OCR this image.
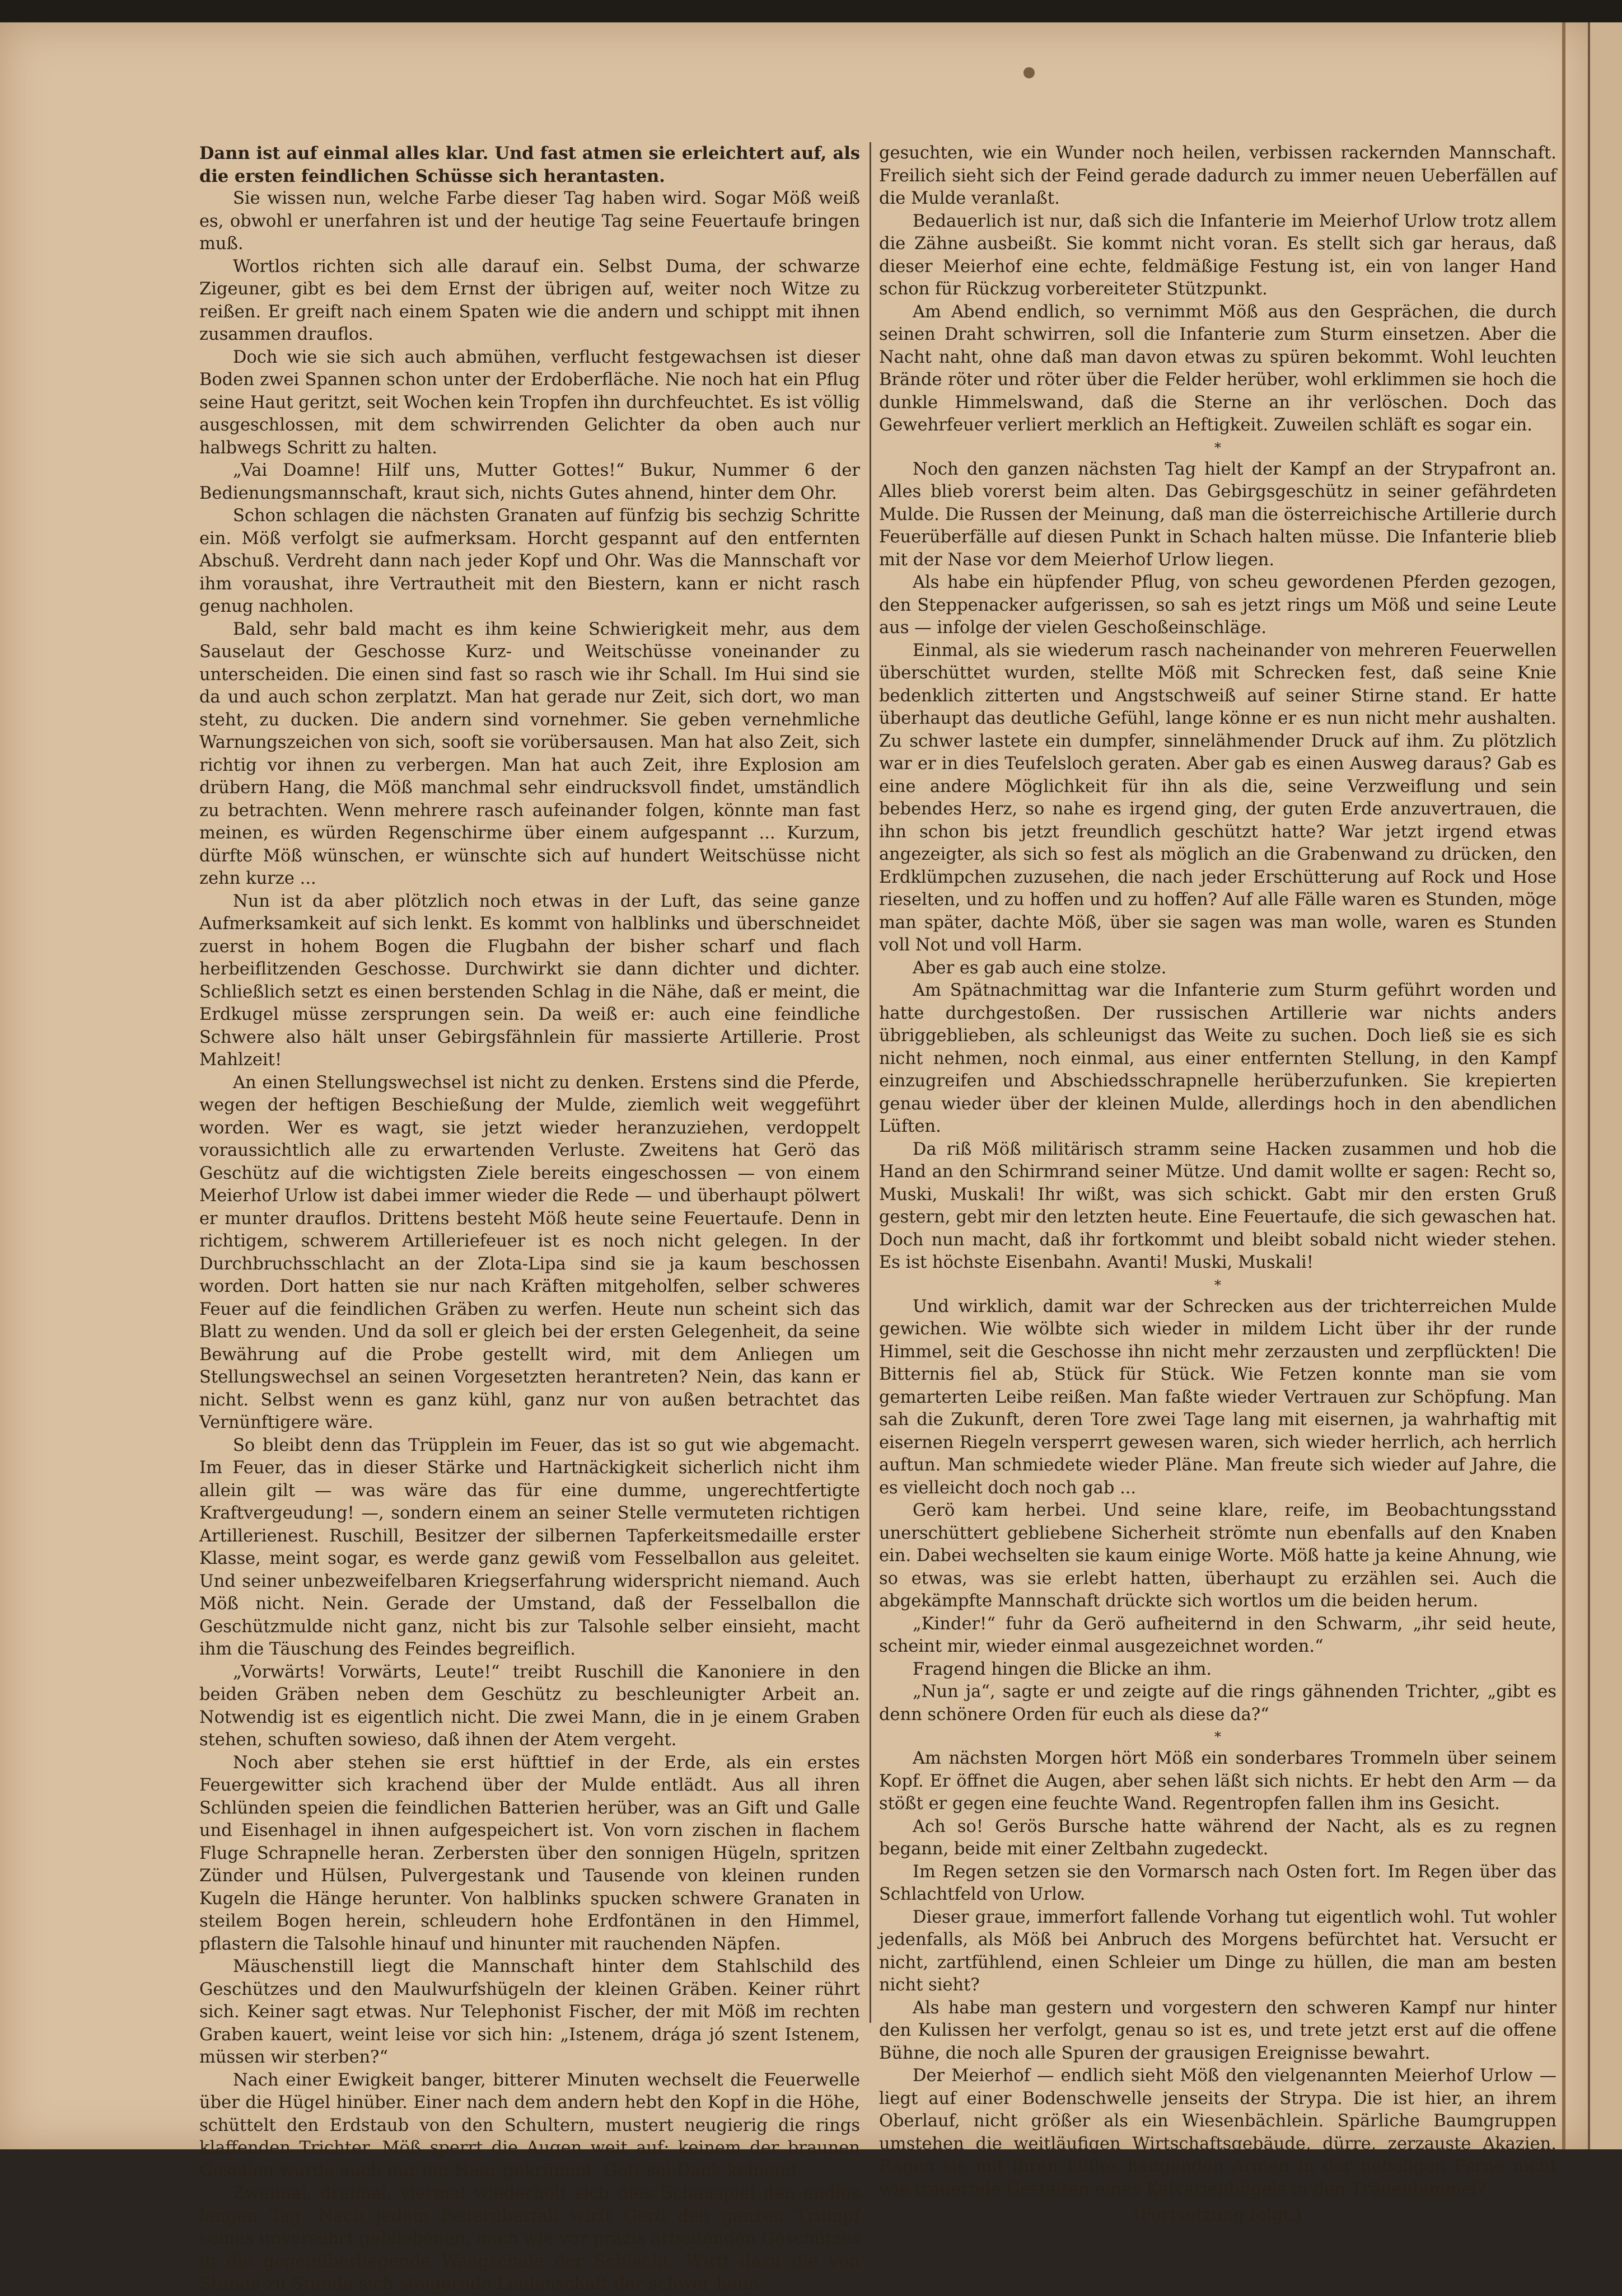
Dann ist auf einmal alles klar. Und fast atmen sie erleichtert auf, als die ersten feindlichen Schüsse sich herantasten.

Sie wissen nun, welche Farbe dieser Tag haben wird. Sogar Möß weiß es, obwohl er unerfahren ist und der heutige Tag seine Feuertaufe bringen muß.

Wortlos richten sich alle darauf ein. Selbst Duma, der schwarze Zigeuner, gibt es bei dem Ernst der übrigen auf, weiter noch Witze zu reißen. Er greift nach einem Spaten wie die andern und schippt mit ihnen zusammen drauflos.

Doch wie sie sich auch abmühen, verflucht festgewachsen ist dieser Boden zwei Spannen schon unter der Erdoberfläche. Nie noch hat ein Pflug seine Haut geritzt, seit Wochen kein Tropfen ihn durchfeuchtet. Es ist völlig ausgeschlossen, mit dem schwirrenden Gelichter da oben auch nur halbwegs Schritt zu halten.

„Vai Doamne! Hilf uns, Mutter Gottes!“ Bukur, Nummer 6 der Bedienungsmannschaft, kraut sich, nichts Gutes ahnend, hinter dem Ohr.

Schon schlagen die nächsten Granaten auf fünfzig bis sechzig Schritte ein. Möß verfolgt sie aufmerksam. Horcht gespannt auf den entfernten Abschuß. Verdreht dann nach jeder Kopf und Ohr. Was die Mannschaft vor ihm voraushat, ihre Vertrautheit mit den Biestern, kann er nicht rasch genug nachholen.

Bald, sehr bald macht es ihm keine Schwierigkeit mehr, aus dem Sauselaut der Geschosse Kurz- und Weitschüsse voneinander zu unterscheiden. Die einen sind fast so rasch wie ihr Schall. Im Hui sind sie da und auch schon zerplatzt. Man hat gerade nur Zeit, sich dort, wo man steht, zu ducken. Die andern sind vornehmer. Sie geben vernehmliche Warnungszeichen von sich, sooft sie vorübersausen. Man hat also Zeit, sich richtig vor ihnen zu verbergen. Man hat auch Zeit, ihre Explosion am drübern Hang, die Möß manchmal sehr eindrucksvoll findet, umständlich zu betrachten. Wenn mehrere rasch aufeinander folgen, könnte man fast meinen, es würden Regenschirme über einem aufgespannt ... Kurzum, dürfte Möß wünschen, er wünschte sich auf hundert Weitschüsse nicht zehn kurze ...

Nun ist da aber plötzlich noch etwas in der Luft, das seine ganze Aufmerksamkeit auf sich lenkt. Es kommt von halblinks und überschneidet zuerst in hohem Bogen die Flugbahn der bisher scharf und flach herbeiflitzenden Geschosse. Durchwirkt sie dann dichter und dichter. Schließlich setzt es einen berstenden Schlag in die Nähe, daß er meint, die Erdkugel müsse zersprungen sein. Da weiß er: auch eine feindliche Schwere also hält unser Gebirgsfähnlein für massierte Artillerie. Prost Mahlzeit!

An einen Stellungswechsel ist nicht zu denken. Erstens sind die Pferde, wegen der heftigen Beschießung der Mulde, ziemlich weit weggeführt worden. Wer es wagt, sie jetzt wieder heranzuziehen, verdoppelt voraussichtlich alle zu erwartenden Verluste. Zweitens hat Gerö das Geschütz auf die wichtigsten Ziele bereits eingeschossen — von einem Meierhof Urlow ist dabei immer wieder die Rede — und überhaupt pölwert er munter drauflos. Drittens besteht Möß heute seine Feuertaufe. Denn in richtigem, schwerem Artilleriefeuer ist es noch nicht gelegen. In der Durchbruchsschlacht an der Zlota-Lipa sind sie ja kaum beschossen worden. Dort hatten sie nur nach Kräften mitgeholfen, selber schweres Feuer auf die feindlichen Gräben zu werfen. Heute nun scheint sich das Blatt zu wenden. Und da soll er gleich bei der ersten Gelegenheit, da seine Bewährung auf die Probe gestellt wird, mit dem Anliegen um Stellungswechsel an seinen Vorgesetzten herantreten? Nein, das kann er nicht. Selbst wenn es ganz kühl, ganz nur von außen betrachtet das Vernünftigere wäre.

So bleibt denn das Trüpplein im Feuer, das ist so gut wie abgemacht. Im Feuer, das in dieser Stärke und Hartnäckigkeit sicherlich nicht ihm allein gilt — was wäre das für eine dumme, ungerechtfertigte Kraftvergeudung! —, sondern einem an seiner Stelle vermuteten richtigen Artillerienest. Ruschill, Besitzer der silbernen Tapferkeitsmedaille erster Klasse, meint sogar, es werde ganz gewiß vom Fesselballon aus geleitet. Und seiner unbezweifelbaren Kriegserfahrung widerspricht niemand. Auch Möß nicht. Nein. Gerade der Umstand, daß der Fesselballon die Geschützmulde nicht ganz, nicht bis zur Talsohle selber einsieht, macht ihm die Täuschung des Feindes begreiflich.

„Vorwärts! Vorwärts, Leute!“ treibt Ruschill die Kanoniere in den beiden Gräben neben dem Geschütz zu beschleunigter Arbeit an. Notwendig ist es eigentlich nicht. Die zwei Mann, die in je einem Graben stehen, schuften sowieso, daß ihnen der Atem vergeht.

Noch aber stehen sie erst hüfttief in der Erde, als ein erstes Feuergewitter sich krachend über der Mulde entlädt. Aus all ihren Schlünden speien die feindlichen Batterien herüber, was an Gift und Galle und Eisenhagel in ihnen aufgespeichert ist. Von vorn zischen in flachem Fluge Schrapnelle heran. Zerbersten über den sonnigen Hügeln, spritzen Zünder und Hülsen, Pulvergestank und Tausende von kleinen runden Kugeln die Hänge herunter. Von halblinks spucken schwere Granaten in steilem Bogen herein, schleudern hohe Erdfontänen in den Himmel, pflastern die Talsohle hinauf und hinunter mit rauchenden Näpfen.

Mäuschenstill liegt die Mannschaft hinter dem Stahlschild des Geschützes und den Maulwurfshügeln der kleinen Gräben. Keiner rührt sich. Keiner sagt etwas. Nur Telephonist Fischer, der mit Möß im rechten Graben kauert, weint leise vor sich hin: „Istenem, drága jó szent Istenem, müssen wir sterben?“

Nach einer Ewigkeit banger, bitterer Minuten wechselt die Feuerwelle über die Hügel hinüber. Einer nach dem andern hebt den Kopf in die Höhe, schüttelt den Erdstaub von den Schultern, mustert neugierig die rings klaffenden Trichter. Möß sperrt die Augen weit auf: keinem der braunen Gesellen wurde auch nur ein Haar gekrümmt, Gott sei Dank keinem!

Zweimal, dreimal, viermal wiederholt sich dies Schauspiel den endlos langen Tag. Nach jedem Feuerüberfall wirft Gerö den ganzen Trumpf seines unversehrt gebliebenen, nach wie vor präzis arbeitenden Geschützes in die gegenüberliegende Waagschale der Schlacht. Wirft dazu die von Stunde zu Stunde sich steigernde Leidenschaft der schwer heim-

gesuchten, wie ein Wunder noch heilen, verbissen rackernden Mannschaft. Freilich sieht sich der Feind gerade dadurch zu immer neuen Ueberfällen auf die Mulde veranlaßt.

Bedauerlich ist nur, daß sich die Infanterie im Meierhof Urlow trotz allem die Zähne ausbeißt. Sie kommt nicht voran. Es stellt sich gar heraus, daß dieser Meierhof eine echte, feldmäßige Festung ist, ein von langer Hand schon für Rückzug vorbereiteter Stützpunkt.

Am Abend endlich, so vernimmt Möß aus den Gesprächen, die durch seinen Draht schwirren, soll die Infanterie zum Sturm einsetzen. Aber die Nacht naht, ohne daß man davon etwas zu spüren bekommt. Wohl leuchten Brände röter und röter über die Felder herüber, wohl erklimmen sie hoch die dunkle Himmelswand, daß die Sterne an ihr verlöschen. Doch das Gewehrfeuer verliert merklich an Heftigkeit. Zuweilen schläft es sogar ein.

*

Noch den ganzen nächsten Tag hielt der Kampf an der Strypafront an. Alles blieb vorerst beim alten. Das Gebirgsgeschütz in seiner gefährdeten Mulde. Die Russen der Meinung, daß man die österreichische Artillerie durch Feuerüberfälle auf diesen Punkt in Schach halten müsse. Die Infanterie blieb mit der Nase vor dem Meierhof Urlow liegen.

Als habe ein hüpfender Pflug, von scheu gewordenen Pferden gezogen, den Steppenacker aufgerissen, so sah es jetzt rings um Möß und seine Leute aus — infolge der vielen Geschoßeinschläge.

Einmal, als sie wiederum rasch nacheinander von mehreren Feuerwellen überschüttet wurden, stellte Möß mit Schrecken fest, daß seine Knie bedenklich zitterten und Angstschweiß auf seiner Stirne stand. Er hatte überhaupt das deutliche Gefühl, lange könne er es nun nicht mehr aushalten. Zu schwer lastete ein dumpfer, sinnelähmender Druck auf ihm. Zu plötzlich war er in dies Teufelsloch geraten. Aber gab es einen Ausweg daraus? Gab es eine andere Möglichkeit für ihn als die, seine Verzweiflung und sein bebendes Herz, so nahe es irgend ging, der guten Erde anzuvertrauen, die ihn schon bis jetzt freundlich geschützt hatte? War jetzt irgend etwas angezeigter, als sich so fest als möglich an die Grabenwand zu drücken, den Erdklümpchen zuzusehen, die nach jeder Erschütterung auf Rock und Hose rieselten, und zu hoffen und zu hoffen? Auf alle Fälle waren es Stunden, möge man später, dachte Möß, über sie sagen was man wolle, waren es Stunden voll Not und voll Harm.

Aber es gab auch eine stolze.

Am Spätnachmittag war die Infanterie zum Sturm geführt worden und hatte durchgestoßen. Der russischen Artillerie war nichts anders übriggeblieben, als schleunigst das Weite zu suchen. Doch ließ sie es sich nicht nehmen, noch einmal, aus einer entfernten Stellung, in den Kampf einzugreifen und Abschiedsschrapnelle herüberzufunken. Sie krepierten genau wieder über der kleinen Mulde, allerdings hoch in den abendlichen Lüften.

Da riß Möß militärisch stramm seine Hacken zusammen und hob die Hand an den Schirmrand seiner Mütze. Und damit wollte er sagen: Recht so, Muski, Muskali! Ihr wißt, was sich schickt. Gabt mir den ersten Gruß gestern, gebt mir den letzten heute. Eine Feuertaufe, die sich gewaschen hat. Doch nun macht, daß ihr fortkommt und bleibt sobald nicht wieder stehen. Es ist höchste Eisenbahn. Avanti! Muski, Muskali!

*

Und wirklich, damit war der Schrecken aus der trichterreichen Mulde gewichen. Wie wölbte sich wieder in mildem Licht über ihr der runde Himmel, seit die Geschosse ihn nicht mehr zerzausten und zerpflückten! Die Bitternis fiel ab, Stück für Stück. Wie Fetzen konnte man sie vom gemarterten Leibe reißen. Man faßte wieder Vertrauen zur Schöpfung. Man sah die Zukunft, deren Tore zwei Tage lang mit eisernen, ja wahrhaftig mit eisernen Riegeln versperrt gewesen waren, sich wieder herrlich, ach herrlich auftun. Man schmiedete wieder Pläne. Man freute sich wieder auf Jahre, die es vielleicht doch noch gab ...

Gerö kam herbei. Und seine klare, reife, im Beobachtungsstand unerschüttert gebliebene Sicherheit strömte nun ebenfalls auf den Knaben ein. Dabei wechselten sie kaum einige Worte. Möß hatte ja keine Ahnung, wie so etwas, was sie erlebt hatten, überhaupt zu erzählen sei. Auch die abgekämpfte Mannschaft drückte sich wortlos um die beiden herum.

„Kinder!“ fuhr da Gerö aufheiternd in den Schwarm, „ihr seid heute, scheint mir, wieder einmal ausgezeichnet worden.“

Fragend hingen die Blicke an ihm.

„Nun ja“, sagte er und zeigte auf die rings gähnenden Trichter, „gibt es denn schönere Orden für euch als diese da?“

*

Am nächsten Morgen hört Möß ein sonderbares Trommeln über seinem Kopf. Er öffnet die Augen, aber sehen läßt sich nichts. Er hebt den Arm — da stößt er gegen eine feuchte Wand. Regentropfen fallen ihm ins Gesicht.

Ach so! Gerös Bursche hatte während der Nacht, als es zu regnen begann, beide mit einer Zeltbahn zugedeckt.

Im Regen setzen sie den Vormarsch nach Osten fort. Im Regen über das Schlachtfeld von Urlow.

Dieser graue, immerfort fallende Vorhang tut eigentlich wohl. Tut wohler jedenfalls, als Möß bei Anbruch des Morgens befürchtet hat. Versucht er nicht, zartfühlend, einen Schleier um Dinge zu hüllen, die man am besten nicht sieht?

Als habe man gestern und vorgestern den schweren Kampf nur hinter den Kulissen her verfolgt, genau so ist es, und trete jetzt erst auf die offene Bühne, die noch alle Spuren der grausigen Ereignisse bewahrt.

Der Meierhof — endlich sieht Möß den vielgenannten Meierhof Urlow — liegt auf einer Bodenschwelle jenseits der Strypa. Die ist hier, an ihrem Oberlauf, nicht größer als ein Wiesenbächlein. Spärliche Baumgruppen umstehen die weitläufigen Wirtschaftsgebäude, dürre, zerzauste Akazien. Ragen sie mit ihren hilflos hängenden Armen in der nebeligen Ferne nicht wie trauernde Gestalten eines Kalvarienhügels in den Tränenhimmel?

(Fortsetzung folgt.)
